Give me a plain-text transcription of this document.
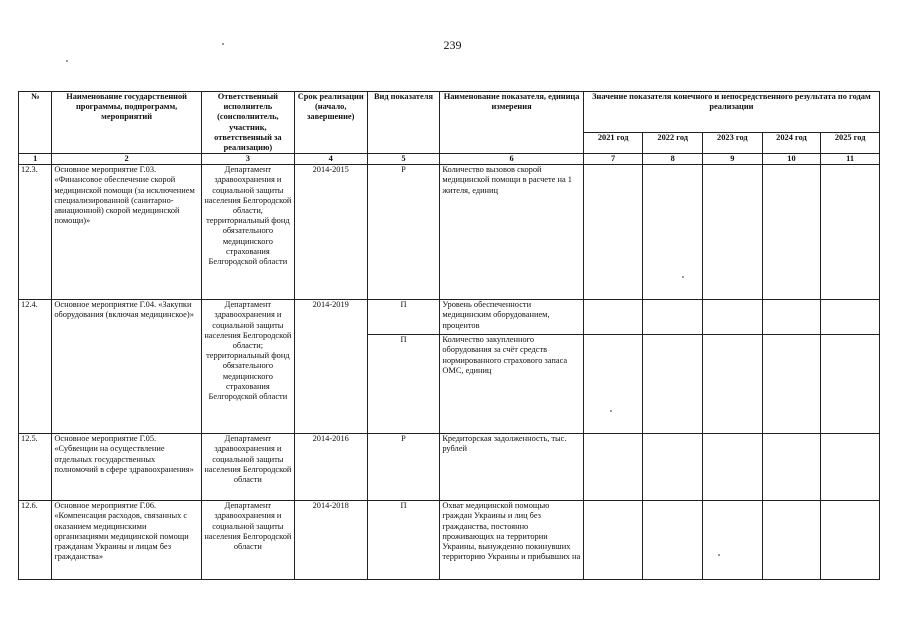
239
№	Наименование государственной программы, подпрограмм, мероприятий	Ответственный исполнитель (соисполнитель, участник, ответственный за реализацию)	Срок реализации (начало, завершение)	Вид показателя	Наименование показателя, единица измерения	Значение показателя конечного и непосредственного результата по годам реализации				
						2021 год	2022 год	2023 год	2024 год	2025 год
1	2	3	4	5	6	7	8	9	10	11
12.3.	Основное мероприятие Г.03. «Финансовое обеспечение скорой медицинской помощи (за исключением специализированной (санитарно-авиационной) скорой медицинской помощи)»	Департамент здравоохранения и социальной защиты населения Белгородской области, территориальный фонд обязательного медицинского страхования Белгородской области	2014-2015	Р	Количество вызовов скорой медицинской помощи в расчете на 1 жителя, единиц					
12.4.	Основное мероприятие Г.04. «Закупки оборудования (включая медицинское)»	Департамент здравоохранения и социальной защиты населения Белгородской области; территориальный фонд обязательного медицинского страхования Белгородской области	2014-2019	П	Уровень обеспеченности медицинским оборудованием, процентов					
				П	Количество закупленного оборудования за счёт средств нормированного страхового запаса ОМС, единиц					
12.5.	Основное мероприятие Г.05. «Субвенции на осуществление отдельных государственных полномочий в сфере здравоохранения»	Департамент здравоохранения и социальной защиты населения Белгородской области	2014-2016	Р	Кредиторская задолженность, тыс. рублей					
12.6.	Основное мероприятие Г.06. «Компенсация расходов, связанных с оказанием медицинскими организациями медицинской помощи гражданам Украины и лицам без гражданства»	Департамент здравоохранения и социальной защиты населения Белгородской области	2014-2018	П	Охват медицинской помощью граждан Украины и лиц без гражданства, постоянно проживающих на территории Украины, вынужденно покинувших территорию Украины и прибывших на					
